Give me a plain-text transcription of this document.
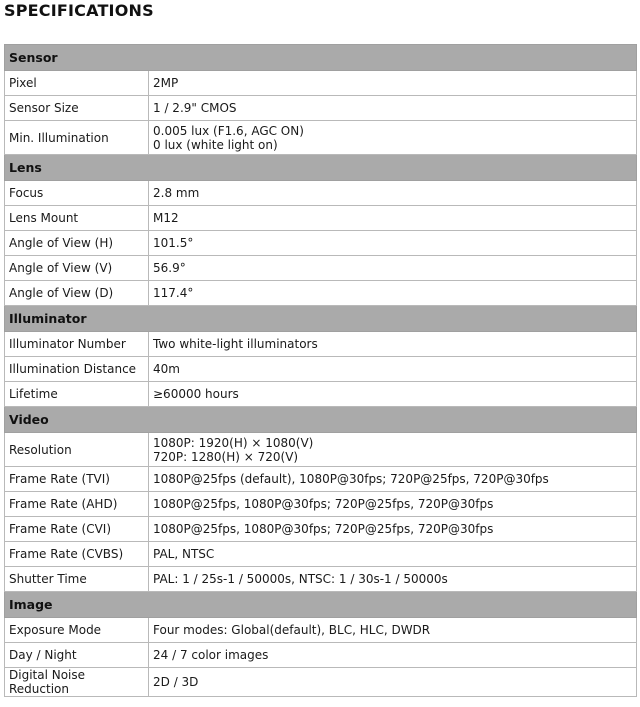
SPECIFICATIONS
Sensor	
Pixel	2MP

Sensor Size	1 / 2.9" CMOS

Min. Illumination	0.005 lux (F1.6, AGC ON)
0 lux (white light on)

Lens	
Focus	2.8 mm

Lens Mount	M12

Angle of View (H)	101.5°

Angle of View (V)	56.9°

Angle of View (D)	117.4°

Illuminator	
Illuminator Number	Two white-light illuminators

Illumination Distance	40m

Lifetime	≥60000 hours

Video	
Resolution	1080P: 1920(H) × 1080(V)
720P: 1280(H) × 720(V)

Frame Rate (TVI)	1080P@25fps (default), 1080P@30fps; 720P@25fps, 720P@30fps

Frame Rate (AHD)	1080P@25fps, 1080P@30fps; 720P@25fps, 720P@30fps

Frame Rate (CVI)	1080P@25fps, 1080P@30fps; 720P@25fps, 720P@30fps

Frame Rate (CVBS)	PAL, NTSC

Shutter Time	PAL: 1 / 25s-1 / 50000s, NTSC: 1 / 30s-1 / 50000s

Image	
Exposure Mode	Four modes: Global(default), BLC, HLC, DWDR

Day / Night	24 / 7 color images

Digital Noise Reduction	2D / 3D
